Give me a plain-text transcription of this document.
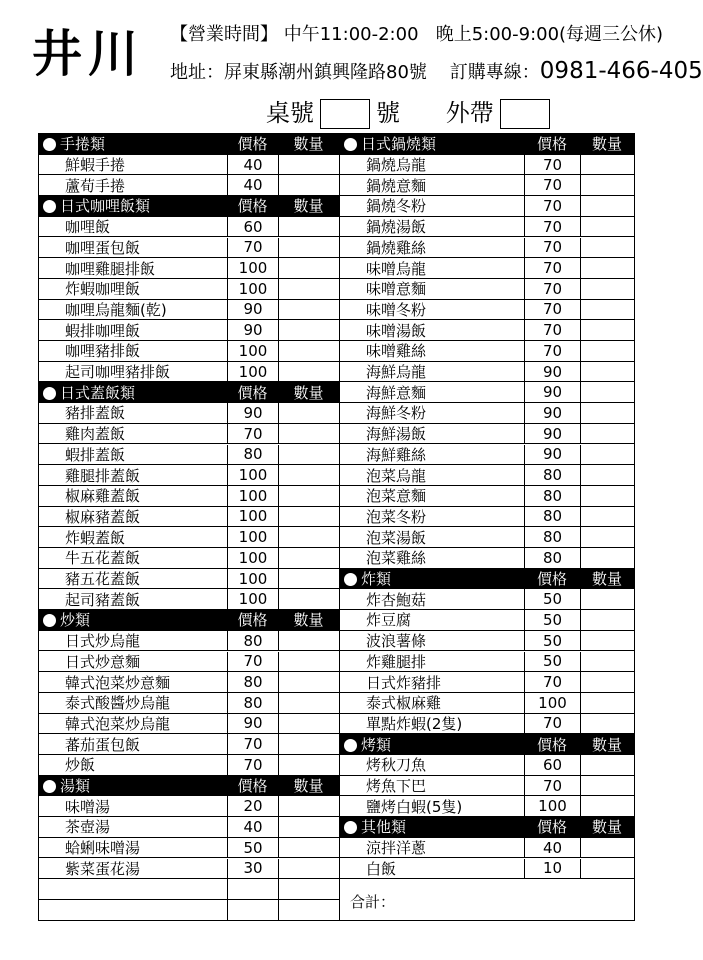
井川 【營業時間】 中午11:00-2:00 晚上5:00-9:00(每週三公休)
地址：屏東縣潮州鎮興隆路80號 訂購專線：0981-466-405
桌號	號 外帶
手捲類	價格	數量
鮮蝦手捲	40
蘆荀手捲	40
日式咖哩飯類	價格	數量
咖哩飯	60
咖哩蛋包飯	70
咖哩雞腿排飯	100
炸蝦咖哩飯	100
咖哩烏龍麵(乾)	90
蝦排咖哩飯	90
咖哩豬排飯	100
起司咖哩豬排飯	100
日式蓋飯類	價格	數量
豬排蓋飯	90
雞肉蓋飯	70
蝦排蓋飯	80
雞腿排蓋飯	100
椒麻雞蓋飯	100
椒麻豬蓋飯	100
炸蝦蓋飯	100
牛五花蓋飯	100
豬五花蓋飯	100
起司豬蓋飯	100
炒類	價格	數量
日式炒烏龍	80
日式炒意麵	70
韓式泡菜炒意麵	80
泰式酸醬炒烏龍	80
韓式泡菜炒烏龍	90
蕃茄蛋包飯	70
炒飯	70
湯類	價格	數量
味噌湯	20
茶壺湯	40
蛤蜊味噌湯	50
紫菜蛋花湯	30
日式鍋燒類	價格	數量
鍋燒烏龍	70
鍋燒意麵	70
鍋燒冬粉	70
鍋燒湯飯	70
鍋燒雞絲	70
味噌烏龍	70
味噌意麵	70
味噌冬粉	70
味噌湯飯	70
味噌雞絲	70
海鮮烏龍	90
海鮮意麵	90
海鮮冬粉	90
海鮮湯飯	90
海鮮雞絲	90
泡菜烏龍	80
泡菜意麵	80
泡菜冬粉	80
泡菜湯飯	80
泡菜雞絲	80
炸類	價格	數量
炸杏鮑菇	50
炸豆腐	50
波浪薯條	50
炸雞腿排	50
日式炸豬排	70
泰式椒麻雞	100
單點炸蝦(2隻)	70
烤類	價格	數量
烤秋刀魚	60
烤魚下巴	70
鹽烤白蝦(5隻)	100
其他類	價格	數量
涼拌洋蔥	40
白飯	10
合計：
